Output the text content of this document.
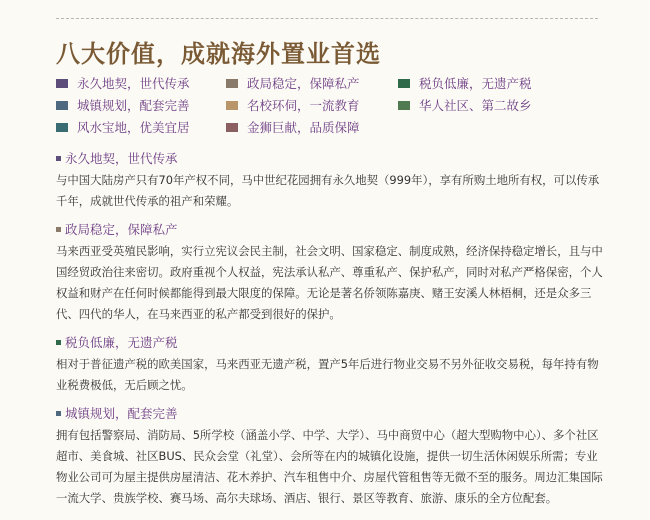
八大价值，成就海外置业首选
永久地契，世代传承	政局稳定，保障私产	税负低廉，无遗产税
城镇规划，配套完善	名校环伺，一流教育	华人社区、第二故乡
风水宝地，优美宜居	金狮巨献，品质保障
永久地契，世代传承
与中国大陆房产只有70年产权不同，马中世纪花园拥有永久地契（999年），享有所购土地所有权，可以传承千年，成就世代传承的祖产和荣耀。
政局稳定，保障私产
马来西亚受英殖民影响，实行立宪议会民主制，社会文明、国家稳定、制度成熟，经济保持稳定增长，且与中国经贸政治往来密切。政府重视个人权益，宪法承认私产、尊重私产、保护私产，同时对私产严格保密，个人权益和财产在任何时候都能得到最大限度的保障。无论是著名侨领陈嘉庚、赌王安溪人林梧桐，还是众多三代、四代的华人，在马来西亚的私产都受到很好的保护。
税负低廉，无遗产税
相对于普征遗产税的欧美国家，马来西亚无遗产税，置产5年后进行物业交易不另外征收交易税，每年持有物业税费极低，无后顾之忧。
城镇规划，配套完善
拥有包括警察局、消防局、5所学校（涵盖小学、中学、大学）、马中商贸中心（超大型购物中心）、多个社区超市、美食城、社区BUS、民众会堂（礼堂）、会所等在内的城镇化设施，提供一切生活休闲娱乐所需；专业物业公司可为屋主提供房屋清洁、花木养护、汽车租售中介、房屋代管租售等无微不至的服务。周边汇集国际一流大学、贵族学校、赛马场、高尔夫球场、酒店、银行、景区等教育、旅游、康乐的全方位配套。
